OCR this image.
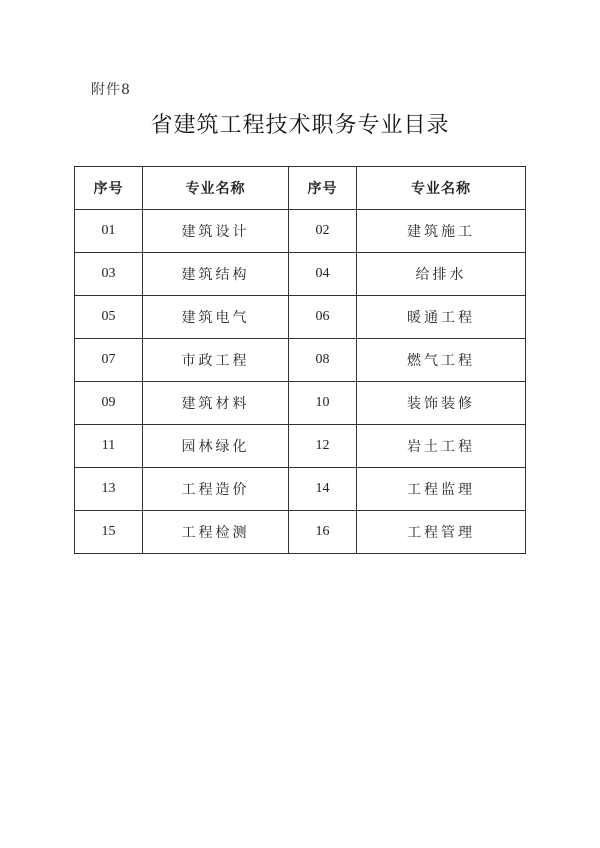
附件8
省建筑工程技术职务专业目录
序号	专业名称	序号	专业名称
01	建筑设计	02	建筑施工
03	建筑结构	04	给排水
05	建筑电气	06	暖通工程
07	市政工程	08	燃气工程
09	建筑材料	10	装饰装修
11	园林绿化	12	岩土工程
13	工程造价	14	工程监理
15	工程检测	16	工程管理
